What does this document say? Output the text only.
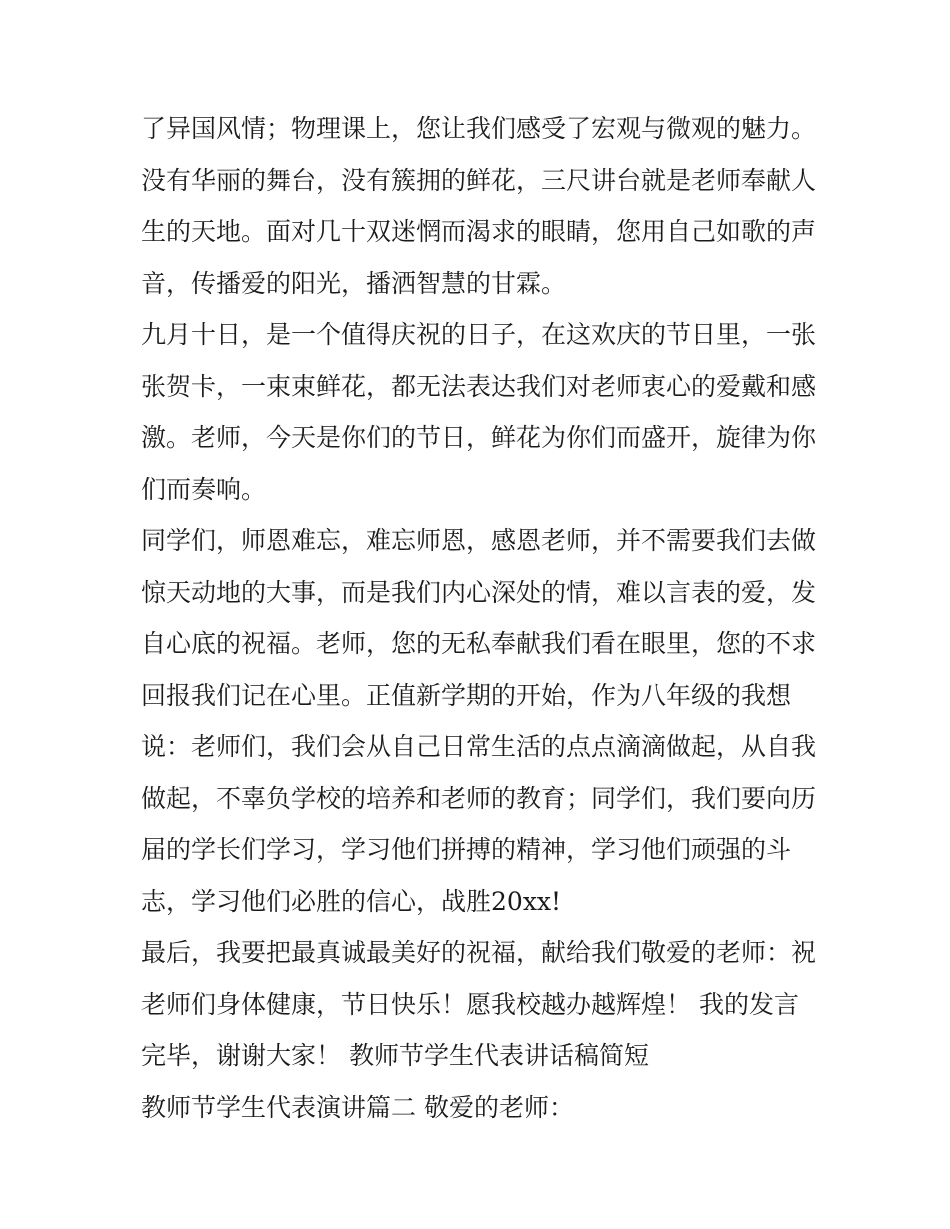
了异国风情；物理课上，您让我们感受了宏观与微观的魅力。
没有华丽的舞台，没有簇拥的鲜花，三尺讲台就是老师奉献人
生的天地。面对几十双迷惘而渴求的眼睛，您用自己如歌的声
音，传播爱的阳光，播洒智慧的甘霖。
九月十日，是一个值得庆祝的日子，在这欢庆的节日里，一张
张贺卡，一束束鲜花，都无法表达我们对老师衷心的爱戴和感
激。老师，今天是你们的节日，鲜花为你们而盛开，旋律为你
们而奏响。
同学们，师恩难忘，难忘师恩，感恩老师，并不需要我们去做
惊天动地的大事，而是我们内心深处的情，难以言表的爱，发
自心底的祝福。老师，您的无私奉献我们看在眼里，您的不求
回报我们记在心里。正值新学期的开始，作为八年级的我想
说：老师们，我们会从自己日常生活的点点滴滴做起，从自我
做起，不辜负学校的培养和老师的教育；同学们，我们要向历
届的学长们学习，学习他们拼搏的精神，学习他们顽强的斗
志，学习他们必胜的信心，战胜20xx!
最后，我要把最真诚最美好的祝福，献给我们敬爱的老师：祝
老师们身体健康，节日快乐！愿我校越办越辉煌！ 我的发言
完毕，谢谢大家！ 教师节学生代表讲话稿简短
教师节学生代表演讲篇二 敬爱的老师：
